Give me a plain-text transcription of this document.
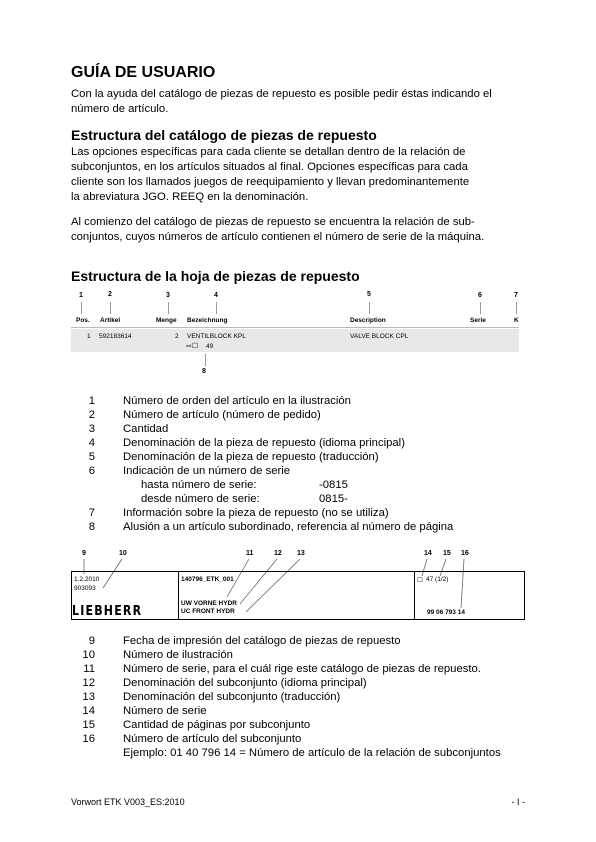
GUÍA DE USUARIO
Con la ayuda del catálogo de piezas de repuesto es posible pedir éstas indicando el
número de artículo.
Estructura del catálogo de piezas de repuesto
Las opciones específicas para cada cliente se detallan dentro de la relación de
subconjuntos, en los artículos situados al final. Opciones específicas para cada
cliente son los llamados juegos de reequipamiento y llevan predominantemente
la abreviatura JGO. REEQ en la denominación.
Al comienzo del catálogo de piezas de repuesto se encuentra la relación de sub-
conjuntos, cuyos números de artículo contienen el número de serie de la máquina.
Estructura de la hoja de piezas de repuesto
1	2	3	4	5	6	7
Pos. Artikel	Menge Bezeichnung	Description	Serie	K
1 592183614	2 VENTILBLOCK KPL	VALVE BLOCK CPL
⇨☐ 49
8
1 Número de orden del artículo en la ilustración
2 Número de artículo (número de pedido)
3 Cantidad
4 Denominación de la pieza de repuesto (idioma principal)
5 Denominación de la pieza de repuesto (traducción)
6 Indicación de un número de serie
hasta número de serie:	-0815
desde número de serie:	0815-
7 Información sobre la pieza de repuesto (no se utiliza)
8 Alusión a un artículo subordinado, referencia al número de página
9	10	11	12 13	14 15 16
1.2.2010
903093
LIEBHERR
140796_ETK_001
UW VORNE HYDR
UC FRONT HYDR
☐ 47 (1/2)
99 06 793 14
9 Fecha de impresión del catálogo de piezas de repuesto
10 Número de ilustración
11 Número de serie, para el cuál rige este catálogo de piezas de repuesto.
12 Denominación del subconjunto (idioma principal)
13 Denominación del subconjunto (traducción)
14 Número de serie
15 Cantidad de páginas por subconjunto
16 Número de artículo del subconjunto
Ejemplo: 01 40 796 14 = Número de artículo de la relación de subconjuntos
Vorwort ETK V003_ES:2010	- I -
